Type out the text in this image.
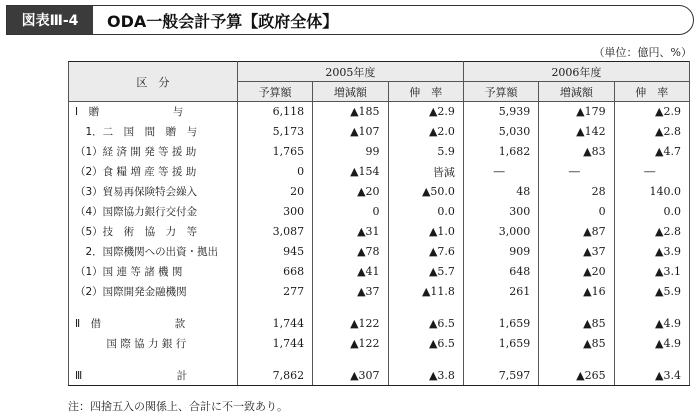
図表Ⅲ-4	ODA一般会計予算【政府全体】
（単位：億円、%）
区　分	2005年度			2006年度		
	予算額	増減額	伸　率	予算額	増減額	伸　率
Ⅰ　贈　　　　　　　与	6,118	▲185	▲2.9	5,939	▲179	▲2.9
　1．二　国　間　贈　与	5,173	▲107	▲2.0	5,030	▲142	▲2.8
（1）経 済 開 発 等 援 助	1,765	99	5.9	1,682	▲83	▲4.7
（2）食 糧 増 産 等 援 助	0	▲154	皆減	―	―	―
（3）貿易再保険特会繰入	20	▲20	▲50.0	48	28	140.0
（4）国際協力銀行交付金	300	0	0.0	300	0	0.0
（5）技　術　協　力　等	3,087	▲31	▲1.0	3,000	▲87	▲2.8
　2．国際機関への出資・拠出	945	▲78	▲7.6	909	▲37	▲3.9
（1）国 連 等 諸 機 関	668	▲41	▲5.7	648	▲20	▲3.1
（2）国際開発金融機関	277	▲37	▲11.8	261	▲16	▲5.9

Ⅱ　借　　　　　　　款	1,744	▲122	▲6.5	1,659	▲85	▲4.9
　　　国 際 協 力 銀 行	1,744	▲122	▲6.5	1,659	▲85	▲4.9

Ⅲ　　　　　　　　　計	7,862	▲307	▲3.8	7,597	▲265	▲3.4
注：四捨五入の関係上、合計に不一致あり。
